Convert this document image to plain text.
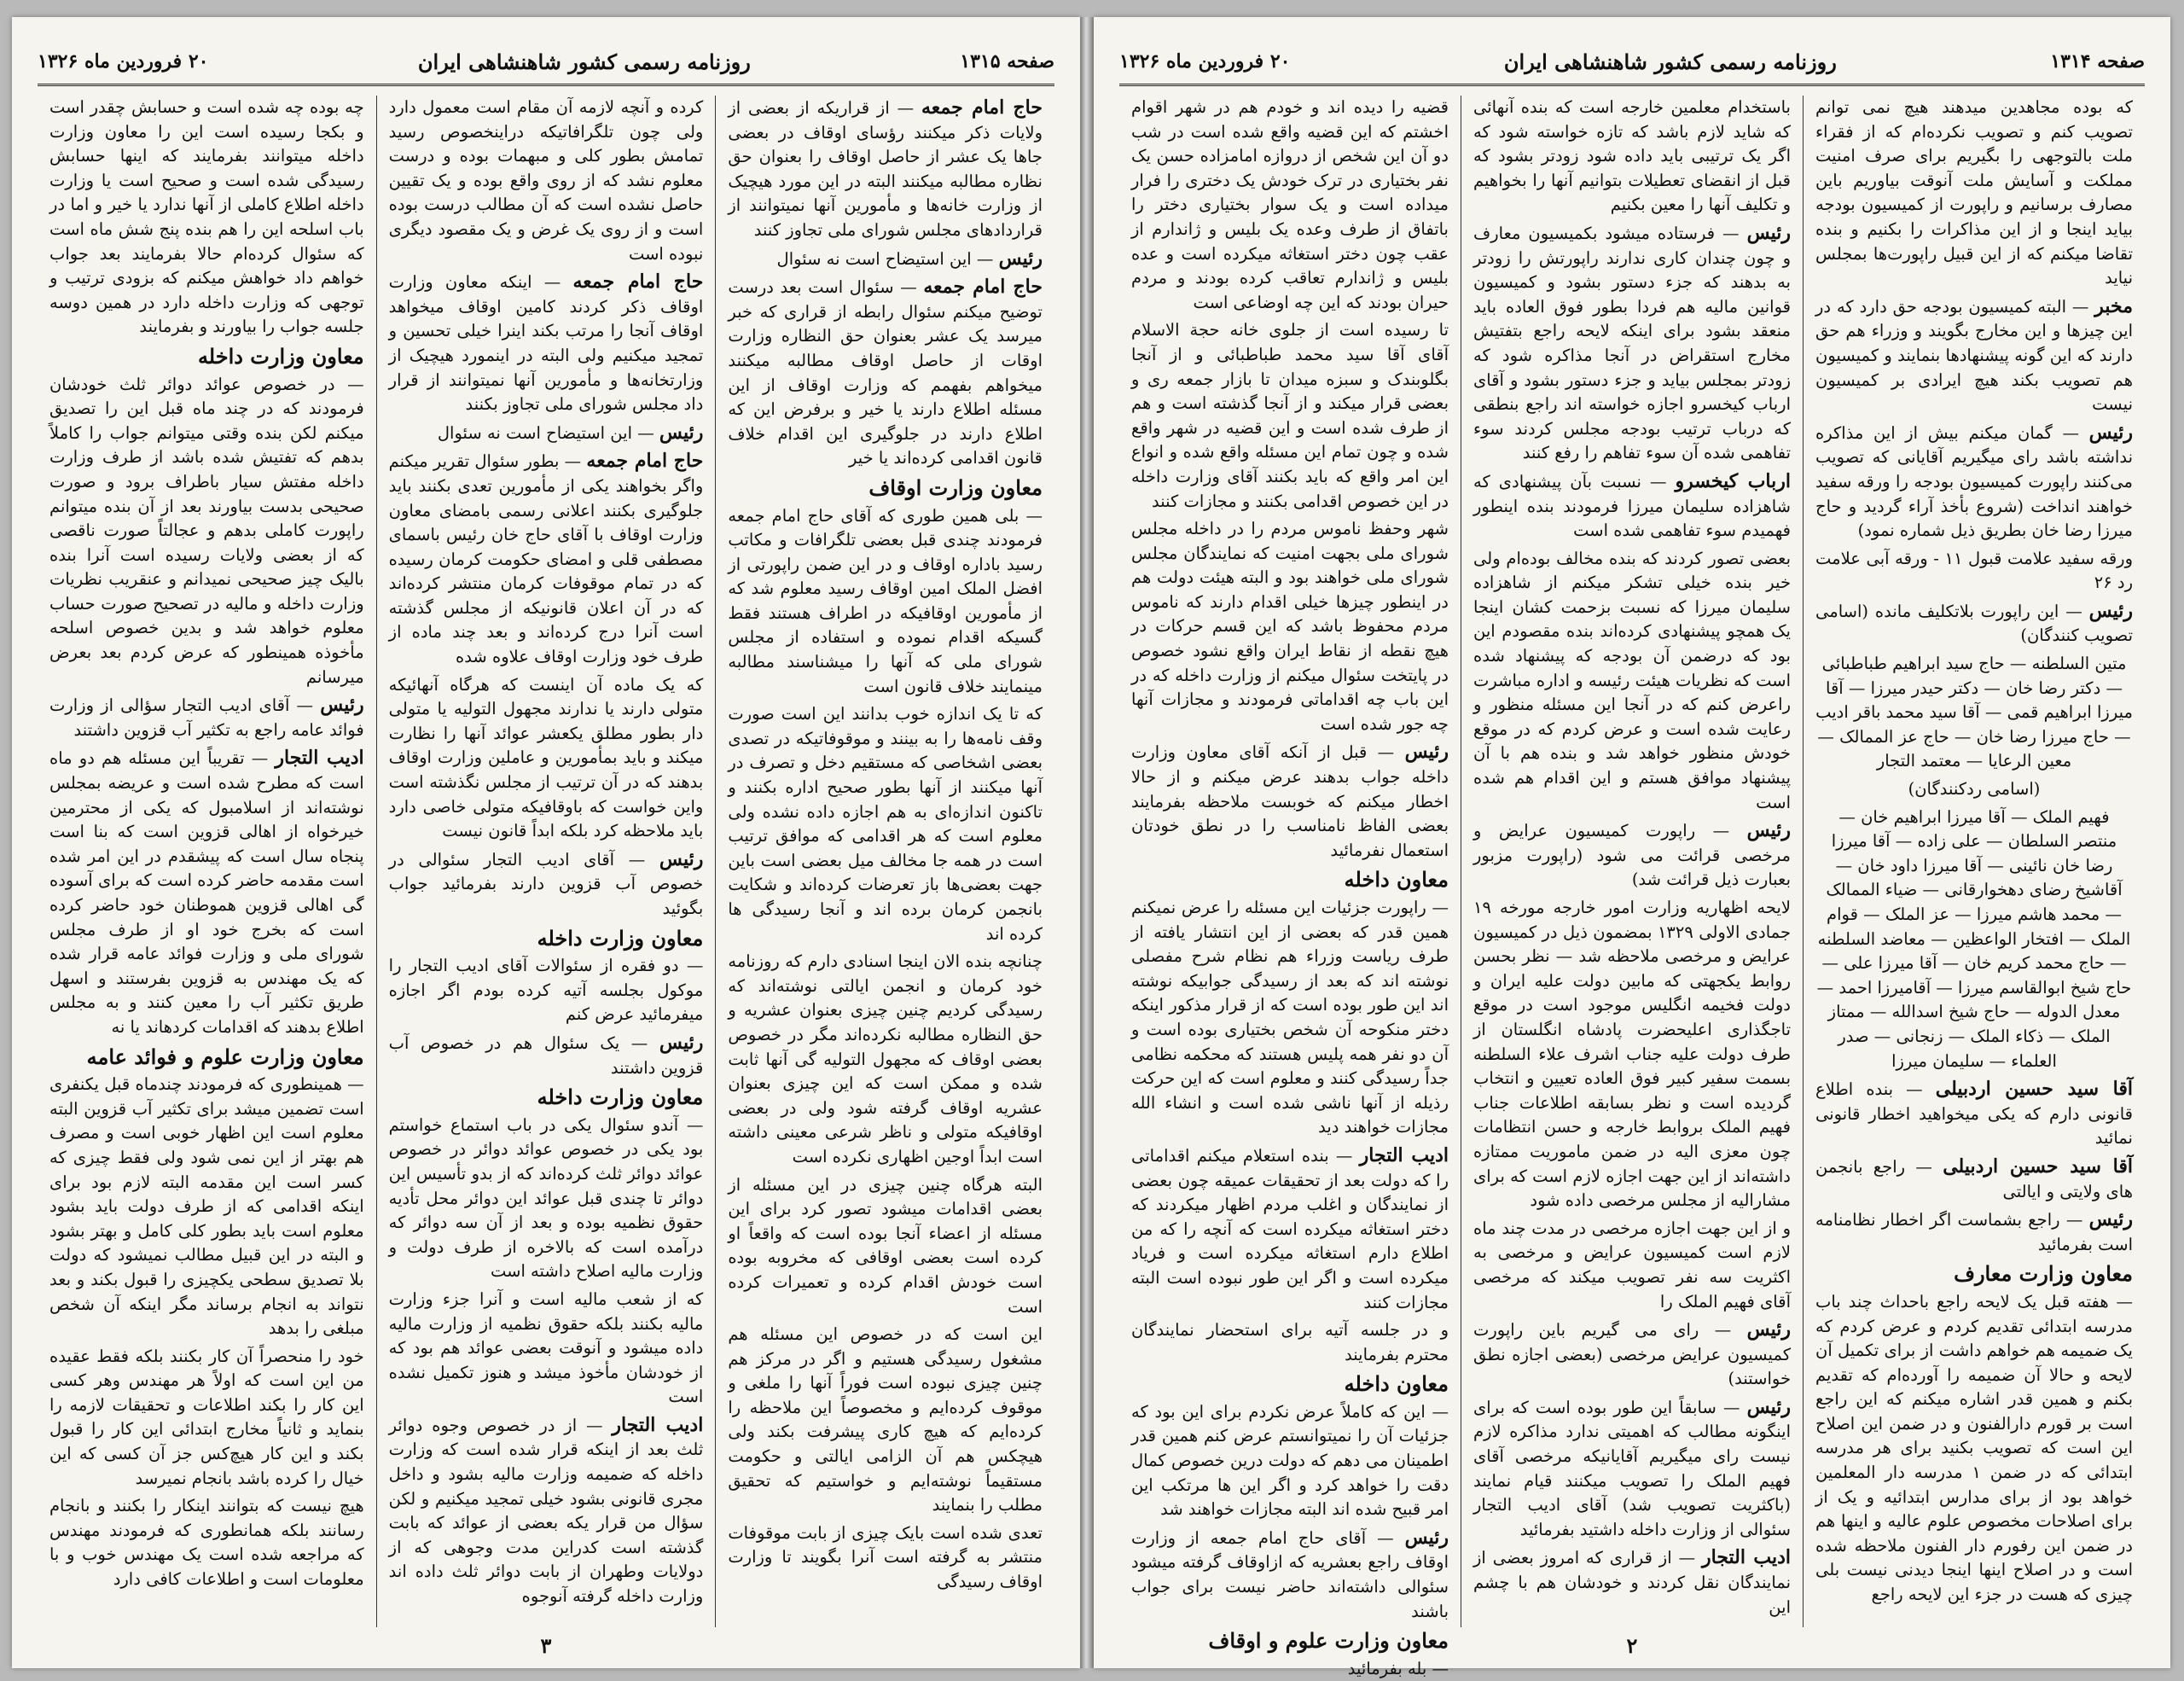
صفحه ۱۳۱۵
روزنامه رسمی کشور شاهنشاهی ایران
۲۰ فروردین ماه ۱۳۲۶

حاج امام جمعه — از قراریکه از بعضی از ولایات ذکر میکنند رؤسای اوقاف در بعضی جاها یک عشر از حاصل اوقاف را بعنوان حق نظاره مطالبه میکنند البته در این مورد هیچیک از وزارت خانه‌ها و مأمورین آنها نمیتوانند از قراردادهای مجلس شورای ملی تجاوز کنند

رئیس — این استیضاح است نه سئوال

حاج امام جمعه — سئوال است بعد درست توضیح میکنم سئوال رابطه از قراری که خبر میرسد یک عشر بعنوان حق النظاره وزارت اوقات از حاصل اوقاف مطالبه میکنند میخواهم بفهمم که وزارت اوقاف از این مسئله اطلاع دارند یا خیر و برفرض این که اطلاع دارند در جلوگیری این اقدام خلاف قانون اقدامی کرده‌اند یا خیر

معاون وزارت اوقاف

— بلی همین طوری که آقای حاج امام جمعه فرمودند چندی قبل بعضی تلگرافات و مکاتب رسید باداره اوقاف و در این ضمن راپورتی از افضل الملک امین اوقاف رسید معلوم شد که از مأمورین اوقافیکه در اطراف هستند فقط گسیکه اقدام نموده و استفاده از مجلس شورای ملی که آنها را میشناسند مطالبه مینمایند خلاف قانون است

که تا یک اندازه خوب بدانند این است صورت وقف نامه‌ها را به بینند و موقوفاتیکه در تصدی بعضی اشخاصی که مستقیم دخل و تصرف در آنها میکنند از آنها بطور صحیح اداره بکنند و تاکنون اندازه‌ای به هم اجازه داده نشده ولی معلوم است که هر اقدامی که موافق ترتیب است در همه جا مخالف میل بعضی است باین جهت بعضی‌ها باز تعرضات کرده‌اند و شکایت بانجمن کرمان برده اند و آنجا رسیدگی ها کرده اند

چنانچه بنده الان اینجا اسنادی دارم که روزنامه خود کرمان و انجمن ایالتی نوشته‌اند که رسیدگی کردیم چنین چیزی بعنوان عشریه و حق النظاره مطالبه نکرده‌اند مگر در خصوص بعضی اوقاف که مجهول التولیه گی آنها ثابت شده و ممکن است که این چیزی بعنوان عشریه اوقاف گرفته شود ولی در بعضی اوقافیکه متولی و ناظر شرعی معینی داشته است ابداً اوجین اظهاری نکرده است

البته هرگاه چنین چیزی در این مسئله از بعضی اقدامات میشود تصور کرد برای این مسئله از اعضاء آنجا بوده است که واقعاً او کرده است بعضی اوقافی که مخروبه بوده است خودش اقدام کرده و تعمیرات کرده است

این است که در خصوص این مسئله هم مشغول رسیدگی هستیم و اگر در مرکز هم چنین چیزی نبوده است فوراً آنها را ملغی و موقوف کرده‌ایم و مخصوصاً این ملاحظه را کرده‌ایم که هیچ کاری پیشرفت بکند ولی هیچکس هم آن الزامی ایالتی و حکومت مستقیماً نوشته‌ایم و خواستیم که تحقیق مطلب را بنمایند

تعدی شده است بایک چیزی از بابت موقوفات منتشر به گرفته است آنرا بگویند تا وزارت اوقاف رسیدگی

کرده و آنچه لازمه آن مقام است معمول دارد ولی چون تلگرافاتیکه دراینخصوص رسید تمامش بطور کلی و مبهمات بوده و درست معلوم نشد که از روی واقع بوده و یک تقیین حاصل نشده است که آن مطالب درست بوده است و از روی یک غرض و یک مقصود دیگری نبوده است

حاج امام جمعه — اینکه معاون وزارت اوقاف ذکر کردند کامین اوقاف میخواهد اوقاف آنجا را مرتب بکند اینرا خیلی تحسین و تمجید میکنیم ولی البته در اینمورد هیچیک از وزارتخانه‌ها و مأمورین آنها نمیتوانند از قرار داد مجلس شورای ملی تجاوز بکنند

رئیس — این استیضاح است نه سئوال

حاج امام جمعه — بطور سئوال تقریر میکنم واگر بخواهند یکی از مأمورین تعدی بکنند باید جلوگیری بکنند اعلانی رسمی بامضای معاون وزارت اوقاف با آقای حاج خان رئیس باسمای مصطفی قلی و امضای حکومت کرمان رسیده که در تمام موقوفات کرمان منتشر کرده‌اند که در آن اعلان قانونیکه از مجلس گذشته است آنرا درج کرده‌اند و بعد چند ماده از طرف خود وزارت اوقاف علاوه شده

که یک ماده آن اینست که هرگاه آنهائیکه متولی دارند یا ندارند مجهول التولیه یا متولی دار بطور مطلق یکعشر عوائد آنها را نظارت میکند و باید بمأمورین و عاملین وزارت اوقاف بدهند که در آن ترتیب از مجلس نگذشته است واین خواست که باوقافیکه متولی خاصی دارد باید ملاحظه کرد بلکه ابداً قانون نیست

رئیس — آقای ادیب التجار سئوالی در خصوص آب قزوین دارند بفرمائید جواب بگوئید

معاون وزارت داخله

— دو فقره از سئوالات آقای ادیب التجار را موکول بجلسه آتیه کرده بودم اگر اجازه میفرمائید عرض کنم

رئیس — یک سئوال هم در خصوص آب قزوین داشتند

معاون وزارت داخله

— آندو سئوال یکی در باب استماع خواستم بود یکی در خصوص عوائد دوائر در خصوص عوائد دوائر ثلث کرده‌اند که از بدو تأسیس این دوائر تا چندی قبل عوائد این دوائر محل تأدیه حقوق نظمیه بوده و بعد از آن سه دوائر که درآمده است که بالاخره از طرف دولت و وزارت مالیه اصلاح داشته است

که از شعب مالیه است و آنرا جزء وزارت مالیه بکنند بلکه حقوق نظمیه از وزارت مالیه داده میشود و آنوقت بعضی عوائد هم بود که از خودشان مأخوذ میشد و هنوز تکمیل نشده است

ادیب التجار — از در خصوص وجوه دوائر ثلث بعد از اینکه قرار شده است که وزارت داخله که ضمیمه وزارت مالیه بشود و داخل مجری قانونی بشود خیلی تمجید میکنیم و لکن سؤال من قرار یکه بعضی از عوائد که بابت گذشته است کدراین مدت وجوهی که از دولایات وطهران از بابت دوائر ثلث داده اند وزارت داخله گرفته آنوجوه

چه بوده چه شده است و حسابش چقدر است و بکجا رسیده است این را معاون وزارت داخله میتوانند بفرمایند که اینها حسابش رسیدگی شده است و صحیح است یا وزارت داخله اطلاع کاملی از آنها ندارد یا خیر و اما در باب اسلحه این را هم بنده پنج شش ماه است که سئوال کرده‌ام حالا بفرمایند بعد جواب خواهم داد خواهش میکنم که بزودی ترتیب و توجهی که وزارت داخله دارد در همین دوسه جلسه جواب را بیاورند و بفرمایند

معاون وزارت داخله

— در خصوص عوائد دوائر ثلث خودشان فرمودند که در چند ماه قبل این را تصدیق میکنم لکن بنده وقتی میتوانم جواب را کاملاً بدهم که تفتیش شده باشد از طرف وزارت داخله مفتش سیار باطراف برود و صورت صحیحی بدست بیاورند بعد از آن بنده میتوانم راپورت کاملی بدهم و عجالتاً صورت ناقصی که از بعضی ولایات رسیده است آنرا بنده بالیک چیز صحیحی نمیدانم و عنقریب نظریات وزارت داخله و مالیه در تصحیح صورت حساب معلوم خواهد شد و بدین خصوص اسلحه مأخوذه همینطور که عرض کردم بعد بعرض میرسانم

رئیس — آقای ادیب التجار سؤالی از وزارت فوائد عامه راجع به تکثیر آب قزوین داشتند

ادیب التجار — تقریباً این مسئله هم دو ماه است که مطرح شده است و عریضه بمجلس نوشته‌اند از اسلامبول که یکی از محترمین خیرخواه از اهالی قزوین است که بنا است پنجاه سال است که پیشقدم در این امر شده است مقدمه حاضر کرده است که برای آسوده گی اهالی قزوین هموطنان خود حاضر کرده است که بخرج خود او از طرف مجلس شورای ملی و وزارت فوائد عامه قرار شده که یک مهندس به قزوین بفرستند و اسهل طریق تکثیر آب را معین کنند و به مجلس اطلاع بدهند که اقدامات کردهاند یا نه

معاون وزارت علوم و فوائد عامه

— همینطوری که فرمودند چندماه قبل یکنفری است تضمین میشد برای تکثیر آب قزوین البته معلوم است این اظهار خوبی است و مصرف هم بهتر از این نمی شود ولی فقط چیزی که کسر است این مقدمه البته لازم بود برای اینکه اقدامی که از طرف دولت باید بشود معلوم است باید بطور کلی کامل و بهتر بشود و البته در این قبیل مطالب نمیشود که دولت بلا تصدیق سطحی یکچیزی را قبول بکند و بعد نتواند به انجام برساند مگر اینکه آن شخص مبلغی را بدهد

خود را منحصراً آن کار بکنند بلکه فقط عقیده من این است که اولاً هر مهندس وهر کسی این کار را بکند اطلاعات و تحقیقات لازمه را بنماید و ثانیاً مخارج ابتدائی این کار را قبول بکند و این کار هیچ‌کس جز آن کسی که این خیال را کرده باشد بانجام نمیرسد

هیچ نیست که بتوانند اینکار را بکنند و بانجام رسانند بلکه همانطوری که فرمودند مهندس که مراجعه شده است یک مهندس خوب و با معلومات است و اطلاعات کافی دارد

۳
صفحه ۱۳۱۴
روزنامه رسمی کشور شاهنشاهی ایران
۲۰ فروردین ماه ۱۳۲۶

که بوده مجاهدین میدهند هیچ نمی توانم تصویب کنم و تصویب نکرده‌ام که از فقراء ملت بالتوجهی را بگیریم برای صرف امنیت مملکت و آسایش ملت آنوقت بیاوریم باین مصارف برسانیم و راپورت از کمیسیون بودجه بیاید اینجا و از این مذاکرات را بکنیم و بنده تقاضا میکنم که از این قبیل راپورت‌ها بمجلس نیاید

مخبر — البته کمیسیون بودجه حق دارد که در این چیزها و این مخارج بگویند و وزراء هم حق دارند که این گونه پیشنهادها بنمایند و کمیسیون هم تصویب بکند هیچ ایرادی بر کمیسیون نیست

رئیس — گمان میکنم بیش از این مذاکره نداشته باشد رای میگیریم آقایانی که تصویب می‌کنند راپورت کمیسیون بودجه را ورقه سفید خواهند انداخت (شروع بأخذ آراء گردید و حاج میرزا رضا خان بطریق ذیل شماره نمود)

ورقه سفید علامت قبول ۱۱ - ورقه آبی علامت رد ۲۶

رئیس — این راپورت بلاتکلیف مانده (اسامی تصویب کنندگان)

متین السلطنه — حاج سید ابراهیم طباطبائی — دکتر رضا خان — دکتر حیدر میرزا — آقا میرزا ابراهیم قمی — آقا سید محمد باقر ادیب — حاج میرزا رضا خان — حاج عز الممالک — معین الرعایا — معتمد التجار

(اسامی ردکنندگان)

فهیم الملک — آقا میرزا ابراهیم خان — منتصر السلطان — علی زاده — آقا میرزا رضا خان نائینی — آقا میرزا داود خان — آقاشیخ رضای دهخوارقانی — ضیاء الممالک — محمد هاشم میرزا — عز الملک — قوام الملک — افتخار الواعظین — معاضد السلطنه — حاج محمد کریم خان — آقا میرزا علی — حاج شیخ ابوالقاسم میرزا — آقامیرزا احمد — معدل الدوله — حاج شیخ اسدالله — ممتاز الملک — ذکاء الملک — زنجانی — صدر العلماء — سلیمان میرزا

آقا سید حسین اردبیلی — بنده اطلاع قانونی دارم که یکی میخواهید اخطار قانونی نمائید

آقا سید حسین اردبیلی — راجع بانجمن های ولایتی و ایالتی

رئیس — راجع بشماست اگر اخطار نظامنامه است بفرمائید

معاون وزارت معارف

— هفته قبل یک لایحه راجع باحداث چند باب مدرسه ابتدائی تقدیم کردم و عرض کردم که یک ضمیمه هم خواهم داشت از برای تکمیل آن لایحه و حالا آن ضمیمه را آورده‌ام که تقدیم بکنم و همین قدر اشاره میکنم که این راجع است بر قورم دارالفنون و در ضمن این اصلاح این است که تصویب بکنید برای هر مدرسه ابتدائی که در ضمن ۱ مدرسه دار المعلمین خواهد بود از برای مدارس ابتدائیه و یک از برای اصلاحات مخصوص علوم عالیه و اینها هم در ضمن این رفورم دار الفنون ملاحظه شده است و در اصلاح اینها اینجا دیدنی نیست بلی چیزی که هست در جزء این لایحه راجع

باستخدام معلمین خارجه است که بنده آنهائی که شاید لازم باشد که تازه خواسته شود که اگر یک ترتیبی باید داده شود زودتر بشود که قبل از انقضای تعطیلات بتوانیم آنها را بخواهیم و تکلیف آنها را معین بکنیم

رئیس — فرستاده میشود بکمیسیون معارف و چون چندان کاری ندارند راپورتش را زودتر به بدهند که جزء دستور بشود و کمیسیون قوانین مالیه هم فردا بطور فوق العاده باید منعقد بشود برای اینکه لایحه راجع بتفتیش مخارج استقراض در آنجا مذاکره شود که زودتر بمجلس بیاید و جزء دستور بشود و آقای ارباب کیخسرو اجازه خواسته اند راجع بنطقی که درباب ترتیب بودجه مجلس کردند سوء تفاهمی شده آن سوء تفاهم را رفع کنند

ارباب کیخسرو — نسبت بآن پیشنهادی که شاهزاده سلیمان میرزا فرمودند بنده اینطور فهمیدم سوء تفاهمی شده است

بعضی تصور کردند که بنده مخالف بوده‌ام ولی خیر بنده خیلی تشکر میکنم از شاهزاده سلیمان میرزا که نسبت بزحمت کشان اینجا یک همچو پیشنهادی کرده‌اند بنده مقصودم این بود که درضمن آن بودجه که پیشنهاد شده است که نظریات هیئت رئیسه و اداره مباشرت راعرض کنم که در آنجا این مسئله منظور و رعایت شده است و عرض کردم که در موقع خودش منظور خواهد شد و بنده هم با آن پیشنهاد موافق هستم و این اقدام هم شده است

رئیس — راپورت کمیسیون عرایض و مرخصی قرائت می شود (راپورت مزبور بعبارت ذیل قرائت شد)

لایحه اظهاریه وزارت امور خارجه مورخه ۱۹ جمادی الاولی ۱۳۲۹ بمضمون ذیل در کمیسیون عرایض و مرخصی ملاحظه شد — نظر بحسن روابط یکجهتی که مابین دولت علیه ایران و دولت فخیمه انگلیس موجود است در موقع تاجگذاری اعلیحضرت پادشاه انگلستان از طرف دولت علیه جناب اشرف علاء السلطنه بسمت سفیر کبیر فوق العاده تعیین و انتخاب گردیده است و نظر بسابقه اطلاعات جناب فهیم الملک بروابط خارجه و حسن انتظامات چون معزی الیه در ضمن ماموریت ممتازه داشته‌اند از این جهت اجازه لازم است که برای مشارالیه از مجلس مرخصی داده شود

و از این جهت اجازه مرخصی در مدت چند ماه لازم است کمیسیون عرایض و مرخصی به اکثریت سه نفر تصویب میکند که مرخصی آقای فهیم الملک را

رئیس — رای می گیریم باین راپورت کمیسیون عرایض مرخصی (بعضی اجازه نطق خواستند)

رئیس — سابقاً این طور بوده است که برای اینگونه مطالب که اهمیتی ندارد مذاکره لازم نیست رای میگیریم آقایانیکه مرخصی آقای فهیم الملک را تصویب میکنند قیام نمایند (باکثریت تصویب شد) آقای ادیب التجار سئوالی از وزارت داخله داشتید بفرمائید

ادیب التجار — از قراری که امروز بعضی از نمایندگان نقل کردند و خودشان هم با چشم این

قضیه را دیده اند و خودم هم در شهر اقوام اخشتم که این قضیه واقع شده است در شب دو آن این شخص از دروازه امامزاده حسن یک نفر بختیاری در ترک خودش یک دختری را فرار میداده است و یک سوار بختیاری دختر را باتفاق از طرف وعده یک بلیس و ژاندارم از عقب چون دختر استغاثه میکرده است و عده بلیس و ژاندارم تعاقب کرده بودند و مردم حیران بودند که این چه اوضاعی است

تا رسیده است از جلوی خانه حجة الاسلام آقای آقا سید محمد طباطبائی و از آنجا بگلوبندک و سبزه میدان تا بازار جمعه ری و بعضی قرار میکند و از آنجا گذشته است و هم از طرف شده است و این قضیه در شهر واقع شده و چون تمام این مسئله واقع شده و انواع این امر واقع که باید بکنند آقای وزارت داخله در این خصوص اقدامی بکنند و مجازات کنند

شهر وحفظ ناموس مردم را در داخله مجلس شورای ملی بجهت امنیت که نمایندگان مجلس شورای ملی خواهند بود و البته هیئت دولت هم در اینطور چیزها خیلی اقدام دارند که ناموس مردم محفوظ باشد که این قسم حرکات در هیچ نقطه از نقاط ایران واقع نشود خصوص در پایتخت سئوال میکنم از وزارت داخله که در این باب چه اقداماتی فرمودند و مجازات آنها چه جور شده است

رئیس — قبل از آنکه آقای معاون وزارت داخله جواب بدهند عرض میکنم و از حالا اخطار میکنم که خوبست ملاحظه بفرمایند بعضی الفاظ نامناسب را در نطق خودتان استعمال نفرمائید

معاون داخله

— راپورت جزئیات این مسئله را عرض نمیکنم همین قدر که بعضی از این انتشار یافته از طرف ریاست وزراء هم نظام شرح مفصلی نوشته اند که بعد از رسیدگی جوابیکه نوشته اند این طور بوده است که از قرار مذکور اینکه دختر منکوحه آن شخص بختیاری بوده است و آن دو نفر همه پلیس هستند که محکمه نظامی جداً رسیدگی کنند و معلوم است که این حرکت رذیله از آنها ناشی شده است و انشاء الله مجازات خواهند دید

ادیب التجار — بنده استعلام میکنم اقداماتی را که دولت بعد از تحقیقات عمیقه چون بعضی از نمایندگان و اغلب مردم اظهار میکردند که دختر استغاثه میکرده است که آنچه را که من اطلاع دارم استغاثه میکرده است و فریاد میکرده است و اگر این طور نبوده است البته مجازات کنند

و در جلسه آتیه برای استحضار نمایندگان محترم بفرمایند

معاون داخله

— این که کاملاً عرض نکردم برای این بود که جزئیات آن را نمیتوانستم عرض کنم همین قدر اطمینان می دهم که دولت درین خصوص کمال دقت را خواهد کرد و اگر این ها مرتکب این امر قبیح شده اند البته مجازات خواهند شد

رئیس — آقای حاج امام جمعه از وزارت اوقاف راجع بعشریه که ازاوقاف گرفته میشود سئوالی داشته‌اند حاضر نیست برای جواب باشند

معاون وزارت علوم و اوقاف

— بله بفرمائید

۲
